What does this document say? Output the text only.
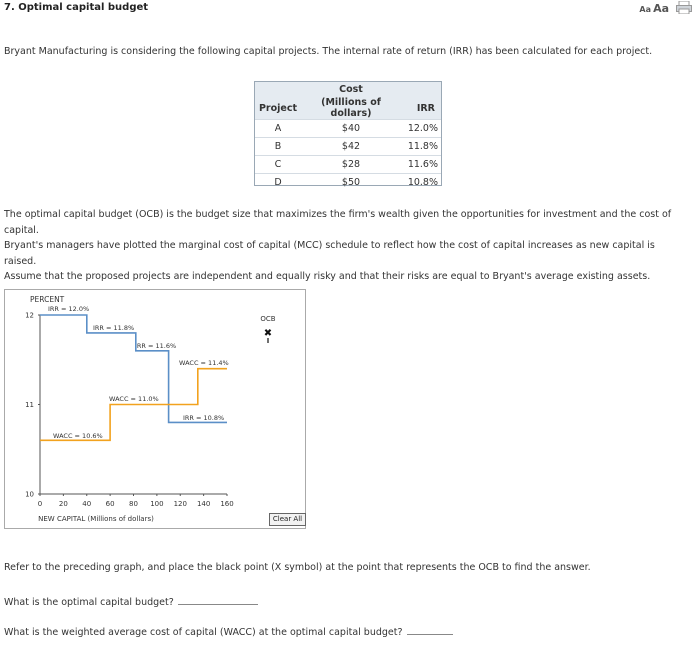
7. Optimal capital budget	Aa Aa
Bryant Manufacturing is considering the following capital projects. The internal rate of return (IRR) has been calculated for each project.
	Cost	
Project	(Millions of dollars)	IRR
A	$40	12.0%
B	$42	11.8%
C	$28	11.6%
D	$50	10.8%
The optimal capital budget (OCB) is the budget size that maximizes the firm's wealth given the opportunities for investment and the cost of capital.
Bryant's managers have plotted the marginal cost of capital (MCC) schedule to reflect how the cost of capital increases as new capital is raised.
Assume that the proposed projects are independent and equally risky and that their risks are equal to Bryant's average existing assets.
PERCENT
NEW CAPITAL (Millions of dollars)
IRR = 12.0%
IRR = 11.8%
IRR = 11.6%
IRR = 10.8%
WACC = 10.6%
WACC = 11.0%
WACC = 11.4%
OCB
✖
10
11
12
0 20 40 60 80 100 120 140 160
Clear All
Refer to the preceding graph, and place the black point (X symbol) at the point that represents the OCB to find the answer.
What is the optimal capital budget?
What is the weighted average cost of capital (WACC) at the optimal capital budget?
